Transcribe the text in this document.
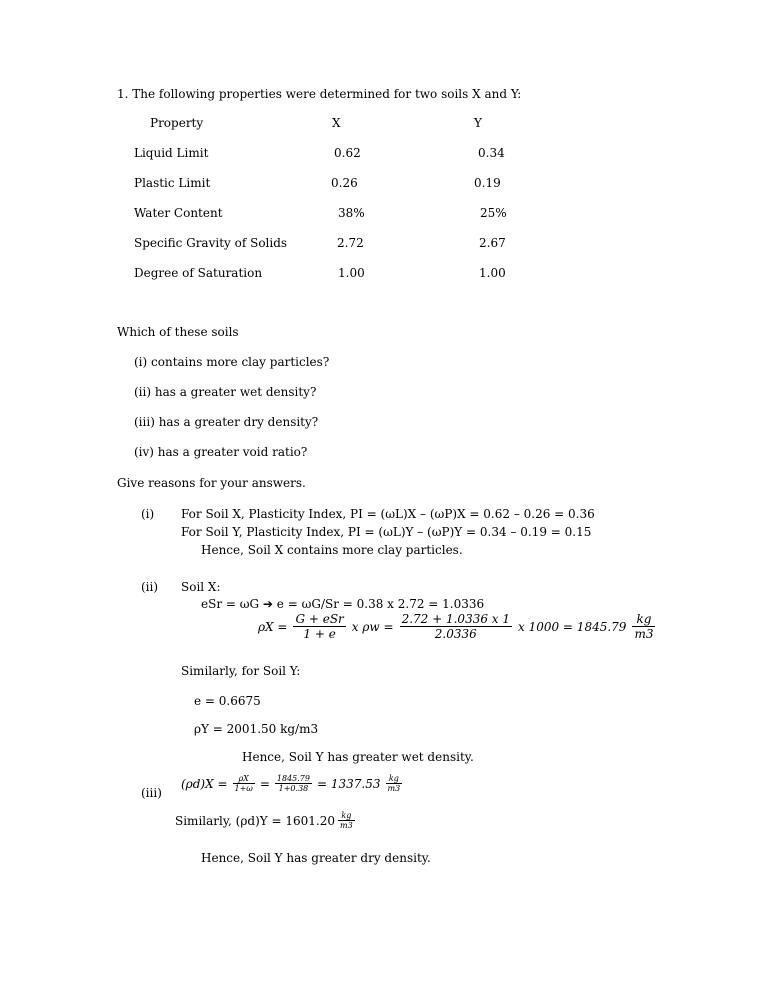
1. The following properties were determined for two soils X and Y:
Property	X	Y
Liquid Limit	0.62	0.34
Plastic Limit	0.26	0.19
Water Content	38%	25%
Specific Gravity of Solids	2.72	2.67
Degree of Saturation	1.00	1.00
Which of these soils
(i) contains more clay particles?
(ii) has a greater wet density?
(iii) has a greater dry density?
(iv) has a greater void ratio?
Give reasons for your answers.
(i) For Soil X, Plasticity Index, PI = (ωL)X – (ωP)X = 0.62 – 0.26 = 0.36
For Soil Y, Plasticity Index, PI = (ωL)Y – (ωP)Y = 0.34 – 0.19 = 0.15
Hence, Soil X contains more clay particles.
(ii) Soil X:
eSr = ωG ➔ e = ωG/Sr = 0.38 x 2.72 = 1.0336
$\rho X = \frac{\text{G + eSr}}{1 + e}$ x $\rho w = \frac{2.72 + 1.0336 x 1}{2.0336}$ x $1000 = 1845.79 \frac{kg}{m3}$
Similarly, for Soil Y:
e = 0.6675
ρY = 2001.50 kg/m3
Hence, Soil Y has greater wet density.
(iii)
$(\rho d)X = \frac{\rho X}{1+\omega} = \frac{1845.79}{1+0.38} = 1337.53 \frac{kg}{m3}$
Similarly, $(\rho d)Y = 1601.20 \frac{kg}{m3}$
Hence, Soil Y has greater dry density.
